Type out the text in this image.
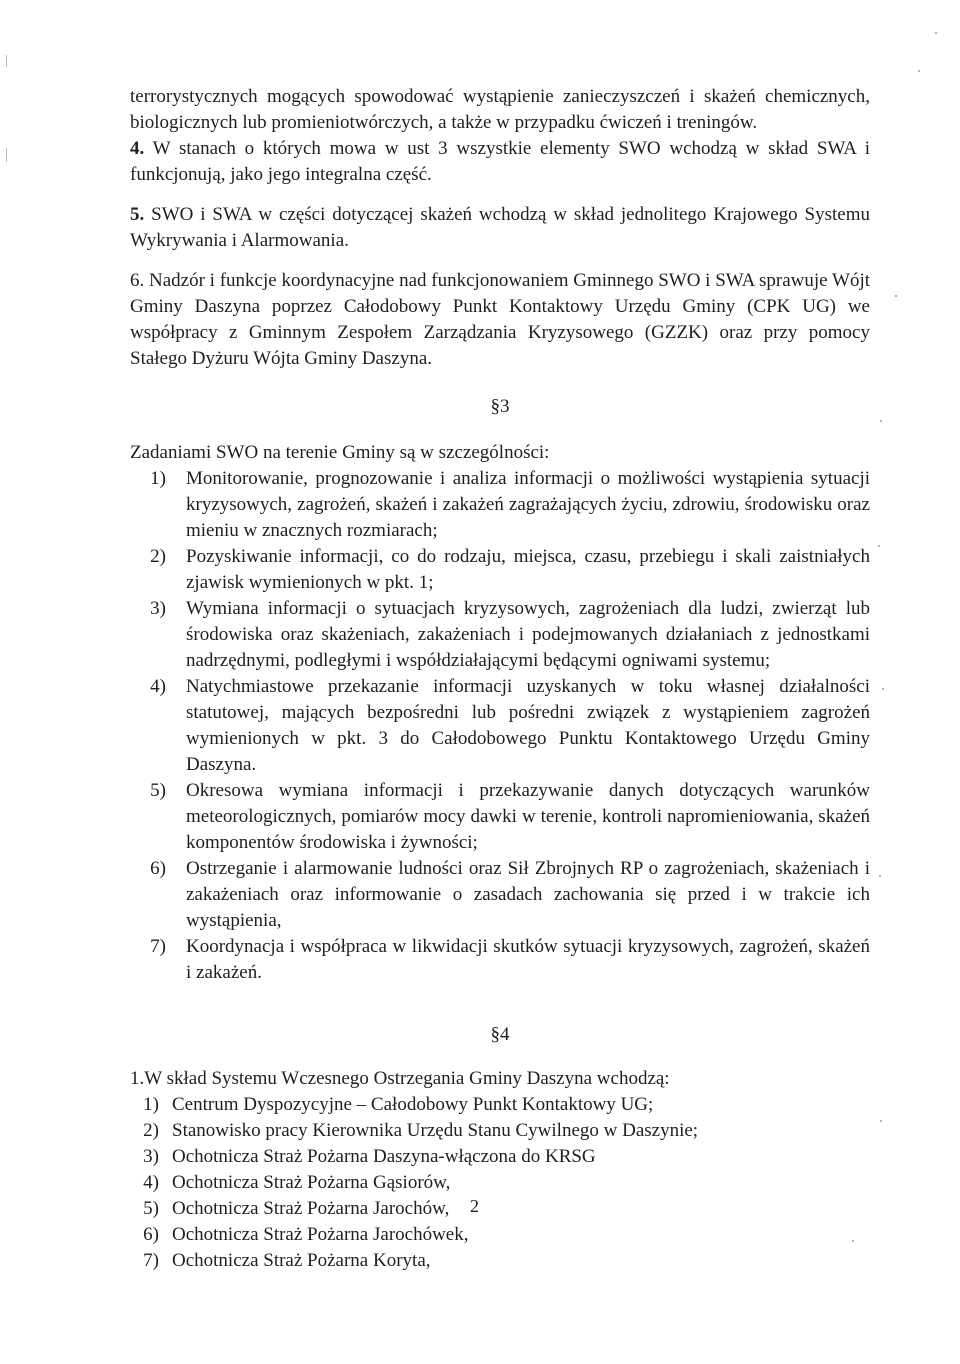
terrorystycznych mogących spowodować wystąpienie zanieczyszczeń i skażeń chemicznych, biologicznych lub promieniotwórczych, a także w przypadku ćwiczeń i treningów.

4. W stanach o których mowa w ust 3 wszystkie elementy SWO wchodzą w skład SWA i funkcjonują, jako jego integralna część.

5. SWO i SWA w części dotyczącej skażeń wchodzą w skład jednolitego Krajowego Systemu Wykrywania i Alarmowania.

6. Nadzór i funkcje koordynacyjne nad funkcjonowaniem Gminnego SWO i SWA sprawuje Wójt Gminy Daszyna poprzez Całodobowy Punkt Kontaktowy Urzędu Gminy (CPK UG) we współpracy z Gminnym Zespołem Zarządzania Kryzysowego (GZZK) oraz przy pomocy Stałego Dyżuru Wójta Gminy Daszyna.

§3

Zadaniami SWO na terenie Gminy są w szczególności:

1)	Monitorowanie, prognozowanie i analiza informacji o możliwości wystąpienia sytuacji kryzysowych, zagrożeń, skażeń i zakażeń zagrażających życiu, zdrowiu, środowisku oraz mieniu w znacznych rozmiarach;
2)	Pozyskiwanie informacji, co do rodzaju, miejsca, czasu, przebiegu i skali zaistniałych zjawisk wymienionych w pkt. 1;
3)	Wymiana informacji o sytuacjach kryzysowych, zagrożeniach dla ludzi, zwierząt lub środowiska oraz skażeniach, zakażeniach i podejmowanych działaniach z jednostkami nadrzędnymi, podległymi i współdziałającymi będącymi ogniwami systemu;
4)	Natychmiastowe przekazanie informacji uzyskanych w toku własnej działalności statutowej, mających bezpośredni lub pośredni związek z wystąpieniem zagrożeń wymienionych w pkt. 3 do Całodobowego Punktu Kontaktowego Urzędu Gminy Daszyna.
5)	Okresowa wymiana informacji i przekazywanie danych dotyczących warunków meteorologicznych, pomiarów mocy dawki w terenie, kontroli napromieniowania, skażeń komponentów środowiska i żywności;
6)	Ostrzeganie i alarmowanie ludności oraz Sił Zbrojnych RP o zagrożeniach, skażeniach i zakażeniach oraz informowanie o zasadach zachowania się przed i w trakcie ich wystąpienia,
7)	Koordynacja i współpraca w likwidacji skutków sytuacji kryzysowych, zagrożeń, skażeń i zakażeń.

§4

1.W skład Systemu Wczesnego Ostrzegania Gminy Daszyna wchodzą:

1) Centrum Dyspozycyjne – Całodobowy Punkt Kontaktowy UG;
2) Stanowisko pracy Kierownika Urzędu Stanu Cywilnego w Daszynie;
3) Ochotnicza Straż Pożarna Daszyna-włączona do KRSG
4) Ochotnicza Straż Pożarna Gąsiorów,
5) Ochotnicza Straż Pożarna Jarochów,
6) Ochotnicza Straż Pożarna Jarochówek,
7) Ochotnicza Straż Pożarna Koryta,
2
